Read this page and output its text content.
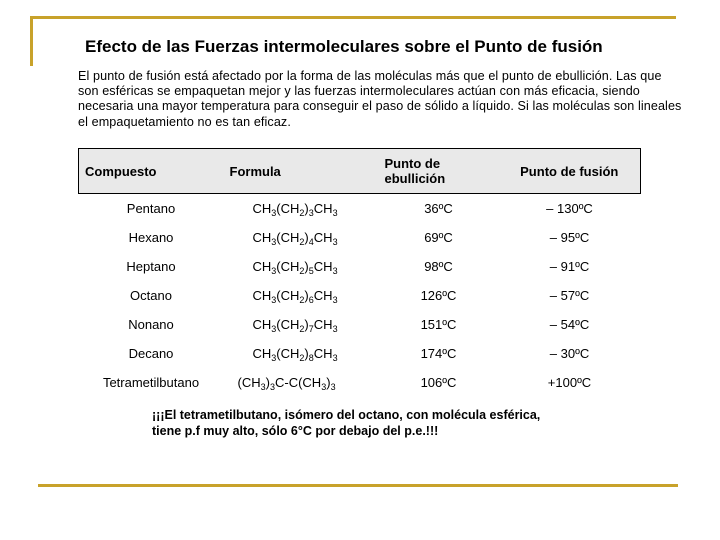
Efecto de las Fuerzas intermoleculares sobre el Punto de fusión
El punto de fusión está afectado por la forma de las moléculas más que el punto de ebullición. Las que son esféricas se empaquetan mejor y las fuerzas intermoleculares actúan con más eficacia, siendo necesaria una mayor temperatura para conseguir el paso de sólido a líquido. Si las moléculas son lineales el empaquetamiento no es tan eficaz.
Compuesto	Formula	Punto de ebullición	Punto de fusión
Pentano	$CH_3(CH_2)_3CH_3$	36ºC	– 130ºC
Hexano	$CH_3(CH_2)_4CH_3$	69ºC	– 95ºC
Heptano	$CH_3(CH_2)_5CH_3$	98ºC	– 91ºC
Octano	$CH_3(CH_2)_6CH_3$	126ºC	– 57ºC
Nonano	$CH_3(CH_2)_7CH_3$	151ºC	– 54ºC
Decano	$CH_3(CH_2)_8CH_3$	174ºC	– 30ºC
Tetrametilbutano	$(CH_3)_3C-C(CH_3)_3$	106ºC	+100ºC
¡¡¡El tetrametilbutano, isómero del octano, con molécula esférica, tiene p.f muy alto, sólo 6°C por debajo del p.e.!!!
